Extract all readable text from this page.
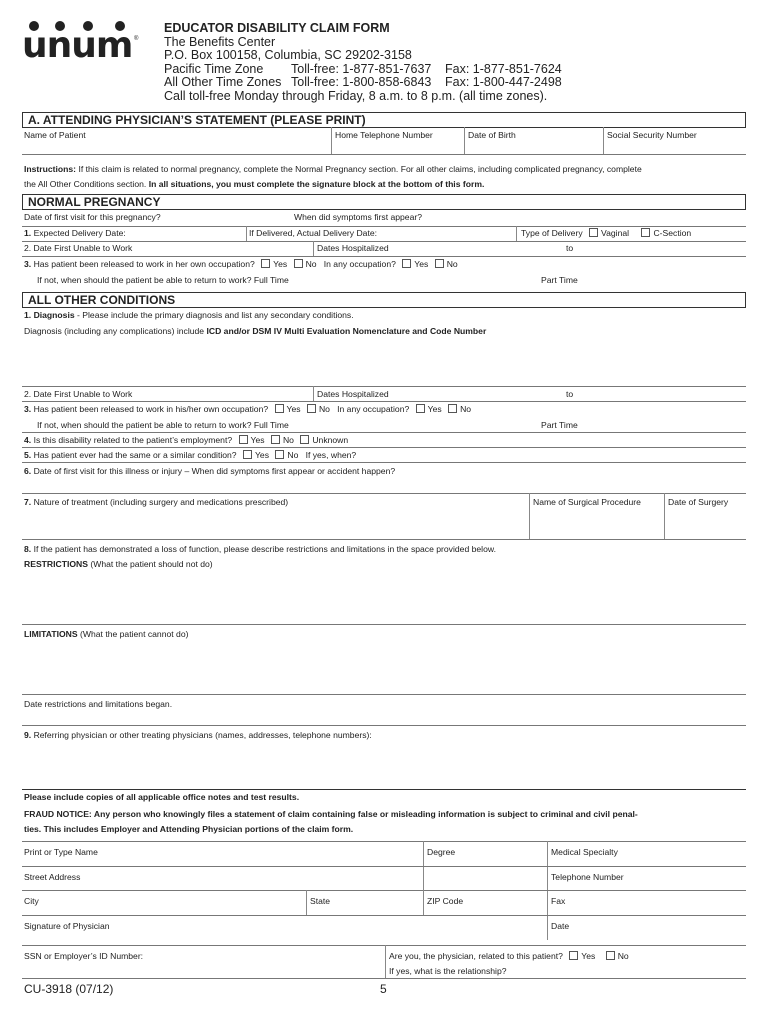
unum ®
EDUCATOR DISABILITY CLAIM FORM
The Benefits Center
P.O. Box 100158, Columbia, SC 29202-3158
Pacific Time Zone Toll-free: 1-877-851-7637 Fax: 1-877-851-7624
All Other Time Zones Toll-free: 1-800-858-6843 Fax: 1-800-447-2498
Call toll-free Monday through Friday, 8 a.m. to 8 p.m. (all time zones).
A. ATTENDING PHYSICIAN’S STATEMENT (PLEASE PRINT)
Name of Patient	Home Telephone Number	Date of Birth	Social Security Number
Instructions: If this claim is related to normal pregnancy, complete the Normal Pregnancy section. For all other claims, including complicated pregnancy, complete
the All Other Conditions section. In all situations, you must complete the signature block at the bottom of this form.
NORMAL PREGNANCY
Date of first visit for this pregnancy?	When did symptoms first appear?
1. Expected Delivery Date:	If Delivered, Actual Delivery Date:	Type of Delivery Vaginal	C-Section
2. Date First Unable to Work	Dates Hospitalized	to
3. Has patient been released to work in her own occupation? Yes No In any occupation? Yes No
If not, when should the patient be able to return to work? Full Time	Part Time
ALL OTHER CONDITIONS
1. Diagnosis - Please include the primary diagnosis and list any secondary conditions.
Diagnosis (including any complications) include ICD and/or DSM IV Multi Evaluation Nomenclature and Code Number
2. Date First Unable to Work	Dates Hospitalized	to
3. Has patient been released to work in his/her own occupation? Yes No In any occupation? Yes No
If not, when should the patient be able to return to work? Full Time	Part Time
4. Is this disability related to the patient’s employment? Yes No Unknown
5. Has patient ever had the same or a similar condition? Yes No If yes, when?
6. Date of first visit for this illness or injury – When did symptoms first appear or accident happen?
7. Nature of treatment (including surgery and medications prescribed)	Name of Surgical Procedure	Date of Surgery
8. If the patient has demonstrated a loss of function, please describe restrictions and limitations in the space provided below.
RESTRICTIONS (What the patient should not do)
LIMITATIONS (What the patient cannot do)
Date restrictions and limitations began.
9. Referring physician or other treating physicians (names, addresses, telephone numbers):
Please include copies of all applicable office notes and test results.
FRAUD NOTICE: Any person who knowingly files a statement of claim containing false or misleading information is subject to criminal and civil penal-
ties. This includes Employer and Attending Physician portions of the claim form.
Print or Type Name	Degree	Medical Specialty
Street Address	Telephone Number
City	State	ZIP Code	Fax
Signature of Physician	Date
SSN or Employer’s ID Number:	Are you, the physician, related to this patient? Yes	No
If yes, what is the relationship?
CU-3918 (07/12)	5
